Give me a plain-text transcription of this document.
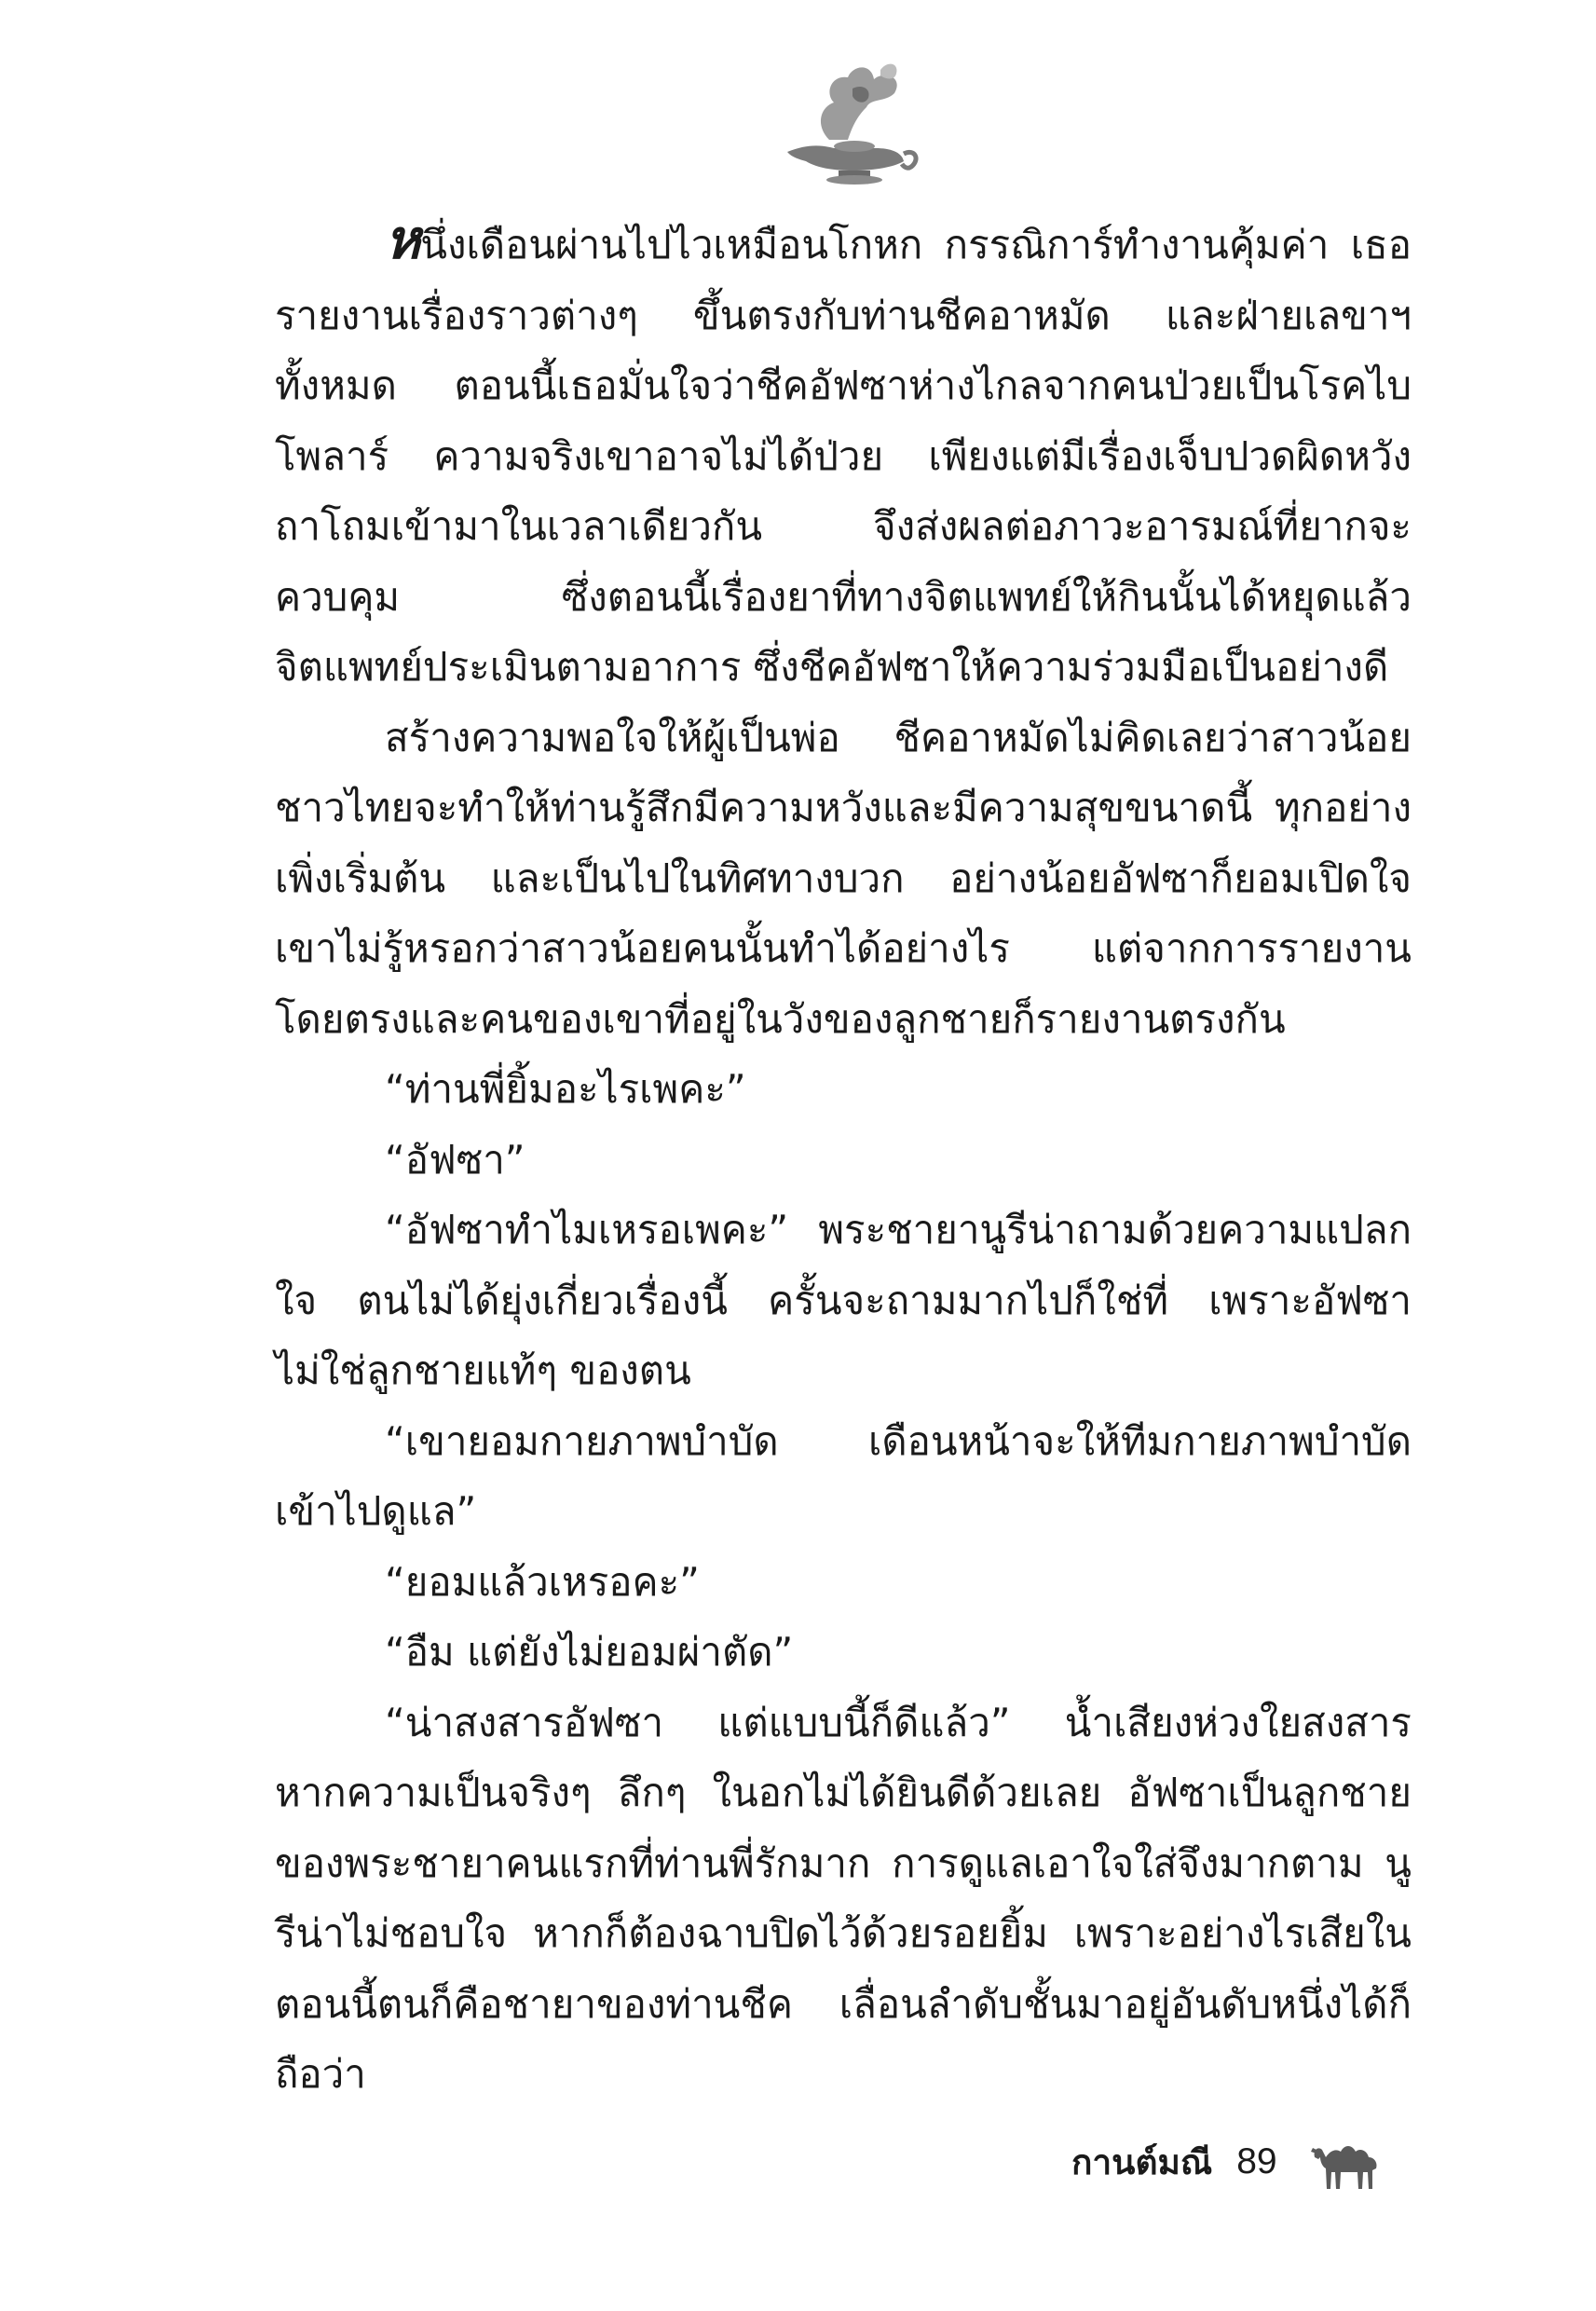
หนึ่งเดือนผ่านไปไวเหมือนโกหก กรรณิการ์ทำงานคุ้มค่า เธอรายงานเรื่องราวต่างๆ ขึ้นตรงกับท่านชีคอาหมัด และฝ่ายเลขาฯ ทั้งหมด ตอนนี้เธอมั่นใจว่าชีคอัฟซาห่างไกลจากคนป่วยเป็นโรคไบโพลาร์ ความจริงเขาอาจไม่ได้ป่วย เพียงแต่มีเรื่องเจ็บปวดผิดหวังถาโถมเข้ามาในเวลาเดียวกัน จึงส่งผลต่อภาวะอารมณ์ที่ยากจะควบคุม ซึ่งตอนนี้เรื่องยาที่ทางจิตแพทย์ให้กินนั้นได้หยุดแล้ว จิตแพทย์ประเมินตามอาการ ซึ่งชีคอัฟซาให้ความร่วมมือเป็นอย่างดี

สร้างความพอใจให้ผู้เป็นพ่อ ชีคอาหมัดไม่คิดเลยว่าสาวน้อยชาวไทยจะทำให้ท่านรู้สึกมีความหวังและมีความสุขขนาดนี้ ทุกอย่างเพิ่งเริ่มต้น และเป็นไปในทิศทางบวก อย่างน้อยอัฟซาก็ยอมเปิดใจ เขาไม่รู้หรอกว่าสาวน้อยคนนั้นทำได้อย่างไร แต่จากการรายงานโดยตรงและคนของเขาที่อยู่ในวังของลูกชายก็รายงานตรงกัน

“ท่านพี่ยิ้มอะไรเพคะ”

“อัฟซา”

“อัฟซาทำไมเหรอเพคะ” พระชายานูรีน่าถามด้วยความแปลกใจ ตนไม่ได้ยุ่งเกี่ยวเรื่องนี้ ครั้นจะถามมากไปก็ใช่ที่ เพราะอัฟซาไม่ใช่ลูกชายแท้ๆ ของตน

“เขายอมกายภาพบำบัด เดือนหน้าจะให้ทีมกายภาพบำบัดเข้าไปดูแล”

“ยอมแล้วเหรอคะ”

“อืม แต่ยังไม่ยอมผ่าตัด”

“น่าสงสารอัฟซา แต่แบบนี้ก็ดีแล้ว” น้ำเสียงห่วงใยสงสาร หากความเป็นจริงๆ ลึกๆ ในอกไม่ได้ยินดีด้วยเลย อัฟซาเป็นลูกชายของพระชายาคนแรกที่ท่านพี่รักมาก การดูแลเอาใจใส่จึงมากตาม นูรีน่าไม่ชอบใจ หากก็ต้องฉาบปิดไว้ด้วยรอยยิ้ม เพราะอย่างไรเสียในตอนนี้ตนก็คือชายาของท่านชีค เลื่อนลำดับชั้นมาอยู่อันดับหนึ่งได้ก็ถือว่า

กานต์มณี 89
